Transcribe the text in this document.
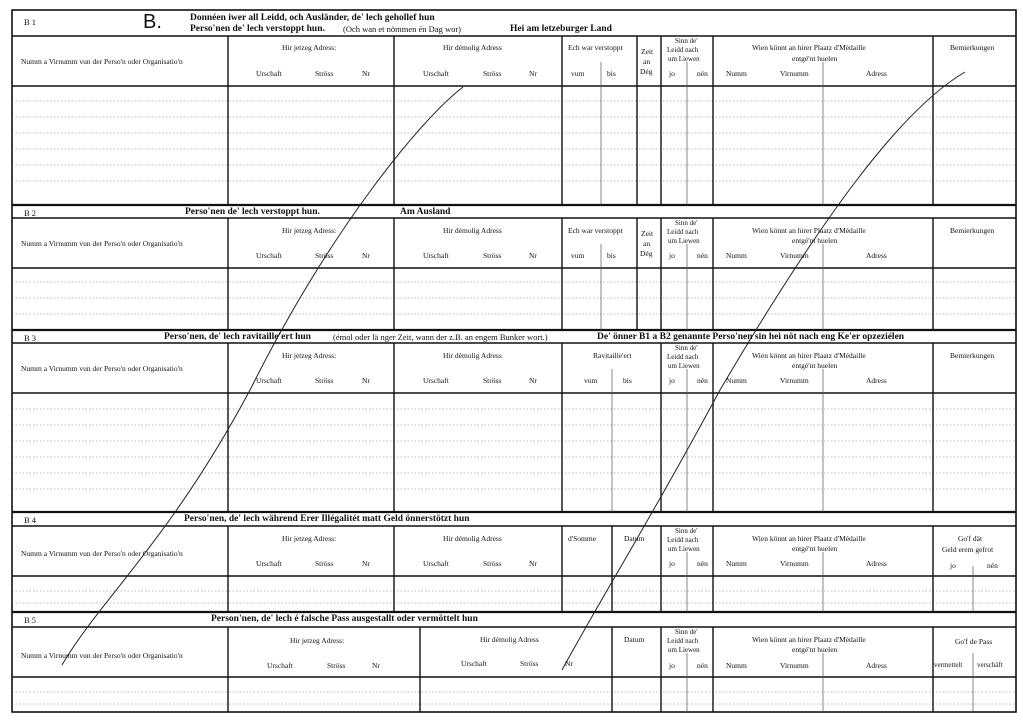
B 1	B.	Donnéen iwer all Leidd, och Ausländer, de' lech gehollef hun
Perso'nen de' lech verstoppt hun. (Och wan et nömmen én Dag wor)	Hei am letzeburger Land
Numm a Virnumm vun der Perso'n oder Organisatio'n
Hir jetzeg Adress:
Urschaft	Ströss	Nr
Hir démolig Adress
Urschaft	Ströss	Nr
Ech war verstoppt
vum	bis
Zeit
an
Dég
Sinn de'
Leidd nach
um Liewen
jo	nén
Wien könnt an hirer Plaatz d'Médaille
entgé'nt huelen
Numm	Virnumm	Adress
Bemierkungen
B 2	Perso'nen de' lech verstoppt hun.	Am Ausland
Numm a Virnumm vun der Perso'n oder Organisatio'n
Hir jetzeg Adress:
Urschaft	Ströss	Nr
Hir démolig Adress
Urschaft	Ströss	Nr
Ech war verstoppt
vum	bis
Zeit
an
Dég
Sinn de'
Leidd nach
um Liewen
jo	nén
Wien könnt an hirer Plaatz d'Médaille
entgé'nt huelen
Numm	Virnumm	Adress
Bemierkungen
B 3	Perso'nen, de' lech ravitaille'ert hun	(émol oder lä nger Zeit, wann der z.B. an engem Bunker wort.)	De' önner B1 a B2 genannte Perso'nen sin hei nöt nach eng Ke'er opzeziélen
Numm a Virnumm vun der Perso'n oder Organisatio'n
Hir jetzeg Adress:
Urschaft	Ströss	Nr
Hir démolig Adress
Urschaft	Ströss	Nr
Ravitaille'ert
vum	bis
Sinn de'
Leidd nach
um Liewen
jo	nén
Wien könnt an hirer Plaatz d'Médaille
entgé'nt huelen
Numm	Virnumm	Adress
Bemierkungen
B 4	Perso'nen, de' lech während Erer Illégalitét matt Geld önnerstötzt hun
Numm a Virnumm vun der Perso'n oder Organisatio'n
Hir jetzeg Adress:
Urschaft	Ströss	Nr
Hir démolig Adress
Urschaft	Ströss	Nr
d'Somme	Datum
Sinn de'
Leidd nach
um Liewen
jo	nén
Wien könnt an hirer Plaatz d'Médaille
entgé'nt huelen
Numm	Virnumm	Adress
Go'f dät
Geld erem gefrot
jo	nén
B 5	Person'nen, de' lech é falsche Pass ausgestallt oder vermöttelt hun
Numm a Virnumm vun der Perso'n oder Organisatio'n
Hir jetzeg Adress:
Urschaft	Ströss	Nr
Hir démolig Adress
Urschaft	Ströss	Nr
Datum
Sinn de'
Leidd nach
um Liewen
jo	nén
Wien könnt an hirer Plaatz d'Médaille
entgé'nt huelen
Numm	Virnumm	Adress
Go'f de Pass
vermettelt verschäft
